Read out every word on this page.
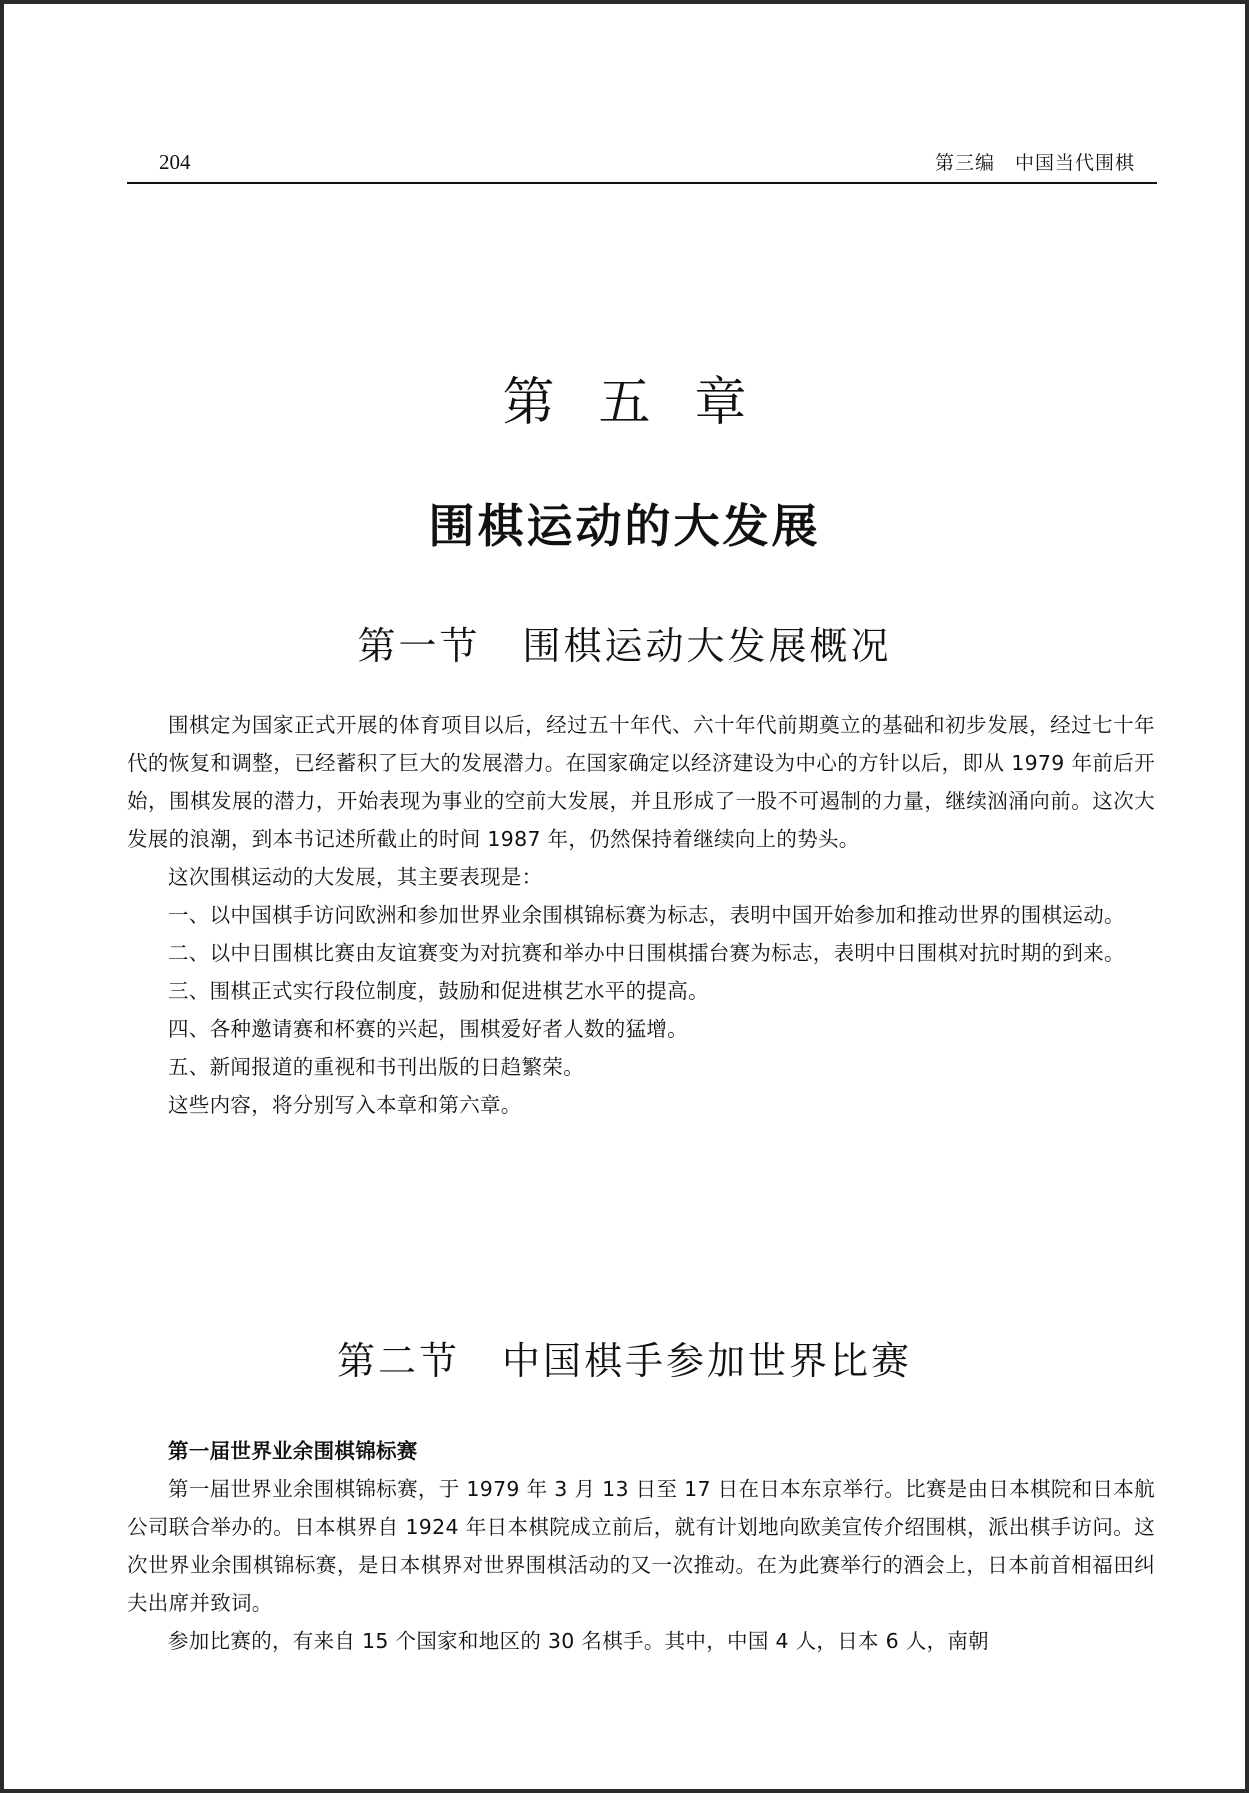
204	第三编　中国当代围棋
第五章
围棋运动的大发展
第一节 围棋运动大发展概况

围棋定为国家正式开展的体育项目以后，经过五十年代、六十年代前期奠立的基础和初步发展，经过七十年代的恢复和调整，已经蓄积了巨大的发展潜力。在国家确定以经济建设为中心的方针以后，即从 1979 年前后开始，围棋发展的潜力，开始表现为事业的空前大发展，并且形成了一股不可遏制的力量，继续汹涌向前。这次大发展的浪潮，到本书记述所截止的时间 1987 年，仍然保持着继续向上的势头。

这次围棋运动的大发展，其主要表现是：

一、以中国棋手访问欧洲和参加世界业余围棋锦标赛为标志，表明中国开始参加和推动世界的围棋运动。

二、以中日围棋比赛由友谊赛变为对抗赛和举办中日围棋擂台赛为标志，表明中日围棋对抗时期的到来。

三、围棋正式实行段位制度，鼓励和促进棋艺水平的提高。

四、各种邀请赛和杯赛的兴起，围棋爱好者人数的猛增。

五、新闻报道的重视和书刊出版的日趋繁荣。

这些内容，将分别写入本章和第六章。

第二节 中国棋手参加世界比赛
第一届世界业余围棋锦标赛

第一届世界业余围棋锦标赛，于 1979 年 3 月 13 日至 17 日在日本东京举行。比赛是由日本棋院和日本航公司联合举办的。日本棋界自 1924 年日本棋院成立前后，就有计划地向欧美宣传介绍围棋，派出棋手访问。这次世界业余围棋锦标赛，是日本棋界对世界围棋活动的又一次推动。在为此赛举行的酒会上，日本前首相福田纠夫出席并致词。

参加比赛的，有来自 15 个国家和地区的 30 名棋手。其中，中国 4 人，日本 6 人，南朝
